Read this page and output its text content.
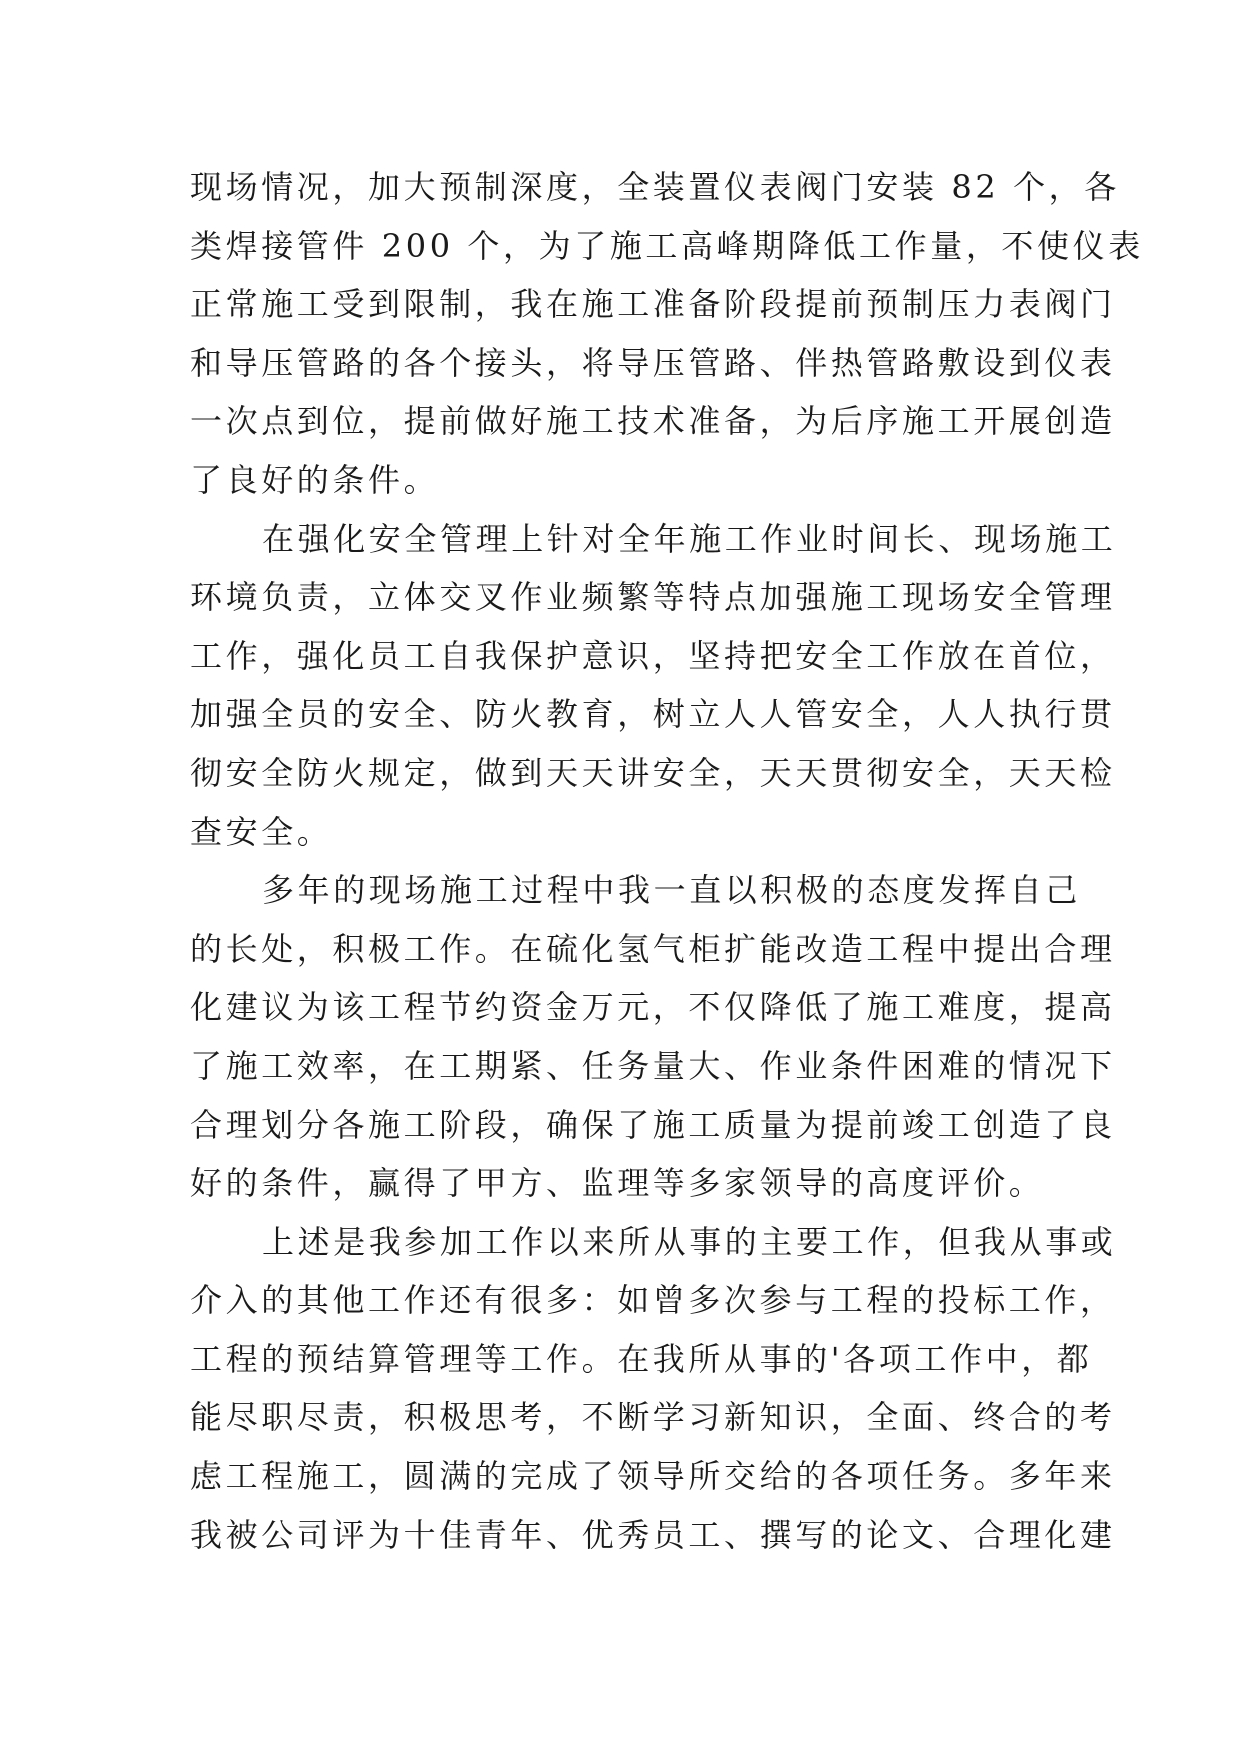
现场情况，加大预制深度，全装置仪表阀门安装 82 个，各
类焊接管件 200 个，为了施工高峰期降低工作量，不使仪表
正常施工受到限制，我在施工准备阶段提前预制压力表阀门
和导压管路的各个接头，将导压管路、伴热管路敷设到仪表
一次点到位，提前做好施工技术准备，为后序施工开展创造
了良好的条件。
在强化安全管理上针对全年施工作业时间长、现场施工
环境负责，立体交叉作业频繁等特点加强施工现场安全管理
工作，强化员工自我保护意识，坚持把安全工作放在首位，
加强全员的安全、防火教育，树立人人管安全，人人执行贯
彻安全防火规定，做到天天讲安全，天天贯彻安全，天天检
查安全。
多年的现场施工过程中我一直以积极的态度发挥自己
的长处，积极工作。在硫化氢气柜扩能改造工程中提出合理
化建议为该工程节约资金万元，不仅降低了施工难度，提高
了施工效率，在工期紧、任务量大、作业条件困难的情况下
合理划分各施工阶段，确保了施工质量为提前竣工创造了良
好的条件，赢得了甲方、监理等多家领导的高度评价。
上述是我参加工作以来所从事的主要工作，但我从事或
介入的其他工作还有很多：如曾多次参与工程的投标工作，
工程的预结算管理等工作。在我所从事的'各项工作中，都
能尽职尽责，积极思考，不断学习新知识，全面、终合的考
虑工程施工，圆满的完成了领导所交给的各项任务。多年来
我被公司评为十佳青年、优秀员工、撰写的论文、合理化建
